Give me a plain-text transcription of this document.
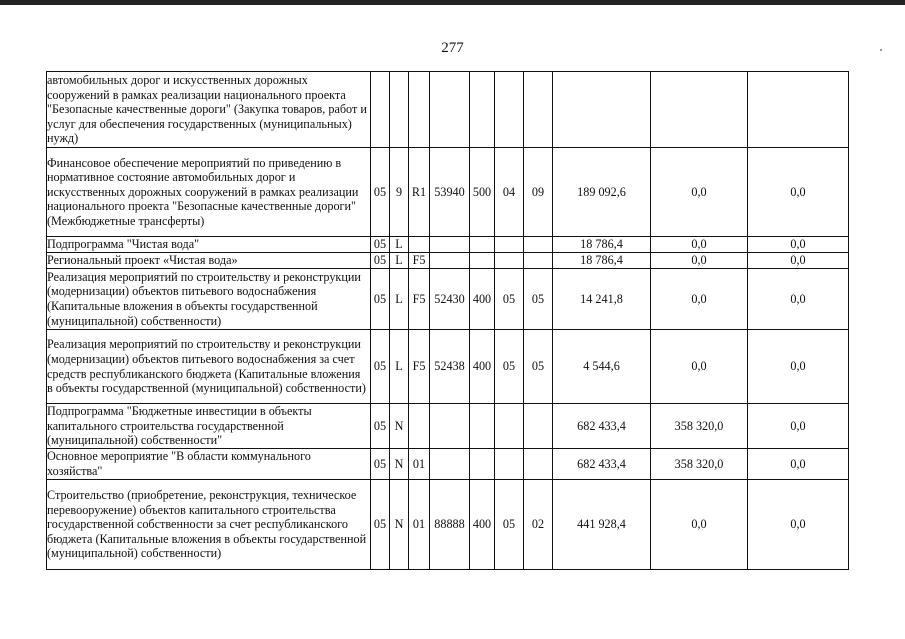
277
автомобильных дорог и искусственных дорожных сооружений в рамках реализации национального проекта "Безопасные качественные дороги" (Закупка товаров, работ и услуг для обеспечения государственных (муниципальных) нужд)										
Финансовое обеспечение мероприятий по приведению в нормативное состояние автомобильных дорог и искусственных дорожных сооружений в рамках реализации национального проекта "Безопасные качественные дороги" (Межбюджетные трансферты)	05	9	R1	53940	500	04	09	189 092,6	0,0	0,0
Подпрограмма "Чистая вода"	05	L						18 786,4	0,0	0,0
Региональный проект «Чистая вода»	05	L	F5					18 786,4	0,0	0,0
Реализация мероприятий по строительству и реконструкции (модернизации) объектов питьевого водоснабжения (Капитальные вложения в объекты государственной (муниципальной) собственности)	05	L	F5	52430	400	05	05	14 241,8	0,0	0,0
Реализация мероприятий по строительству и реконструкции (модернизации) объектов питьевого водоснабжения за счет средств республиканского бюджета (Капитальные вложения в объекты государственной (муниципальной) собственности)	05	L	F5	52438	400	05	05	4 544,6	0,0	0,0
Подпрограмма "Бюджетные инвестиции в объекты капитального строительства государственной (муниципальной) собственности"	05	N						682 433,4	358 320,0	0,0
Основное мероприятие "В области коммунального хозяйства"	05	N	01					682 433,4	358 320,0	0,0
Строительство (приобретение, реконструкция, техническое перевооружение) объектов капитального строительства государственной собственности за счет республиканского бюджета (Капитальные вложения в объекты государственной (муниципальной) собственности)	05	N	01	88888	400	05	02	441 928,4	0,0	0,0
